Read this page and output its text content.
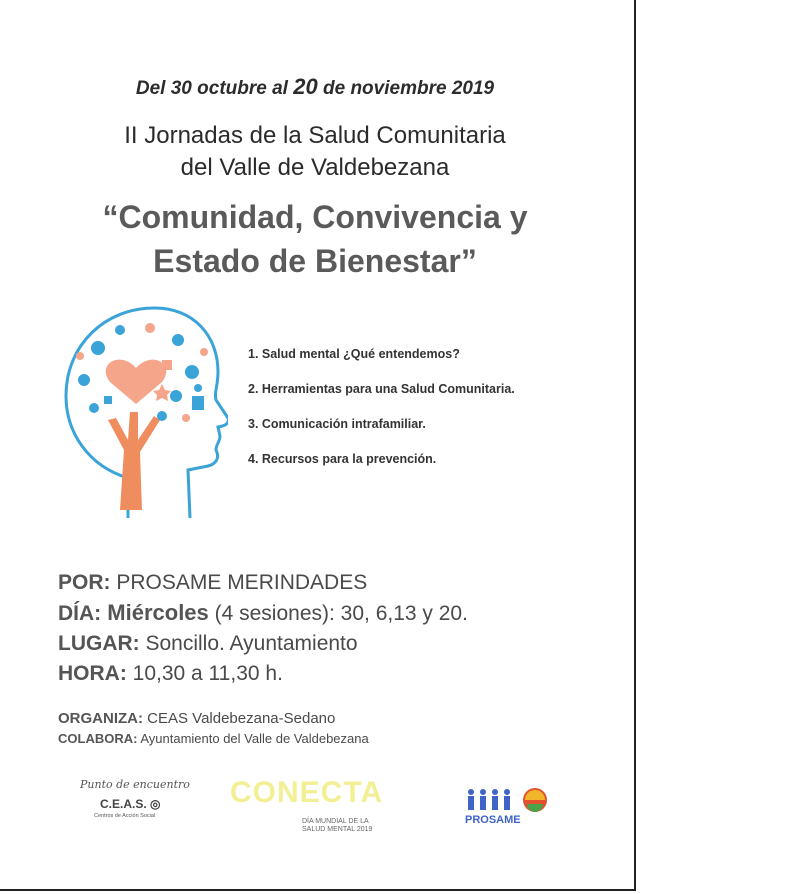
Del 30 octubre al 20 de noviembre 2019
II Jornadas de la Salud Comunitaria
del Valle de Valdebezana
“Comunidad, Convivencia y
Estado de Bienestar”
1. Salud mental ¿Qué entendemos?
2. Herramientas para una Salud Comunitaria.
3. Comunicación intrafamiliar.
4. Recursos para la prevención.
POR: PROSAME MERINDADES
DÍA: Miércoles (4 sesiones): 30, 6,13 y 20.
LUGAR: Soncillo. Ayuntamiento
HORA: 10,30 a 11,30 h.
ORGANIZA: CEAS Valdebezana-Sedano
COLABORA: Ayuntamiento del Valle de Valdebezana
Punto de encuentro
C.E.A.S. ◎
Centros de Acción Social
CONECTA
DÍA MUNDIAL DE LA
SALUD MENTAL 2019
PROSAME
